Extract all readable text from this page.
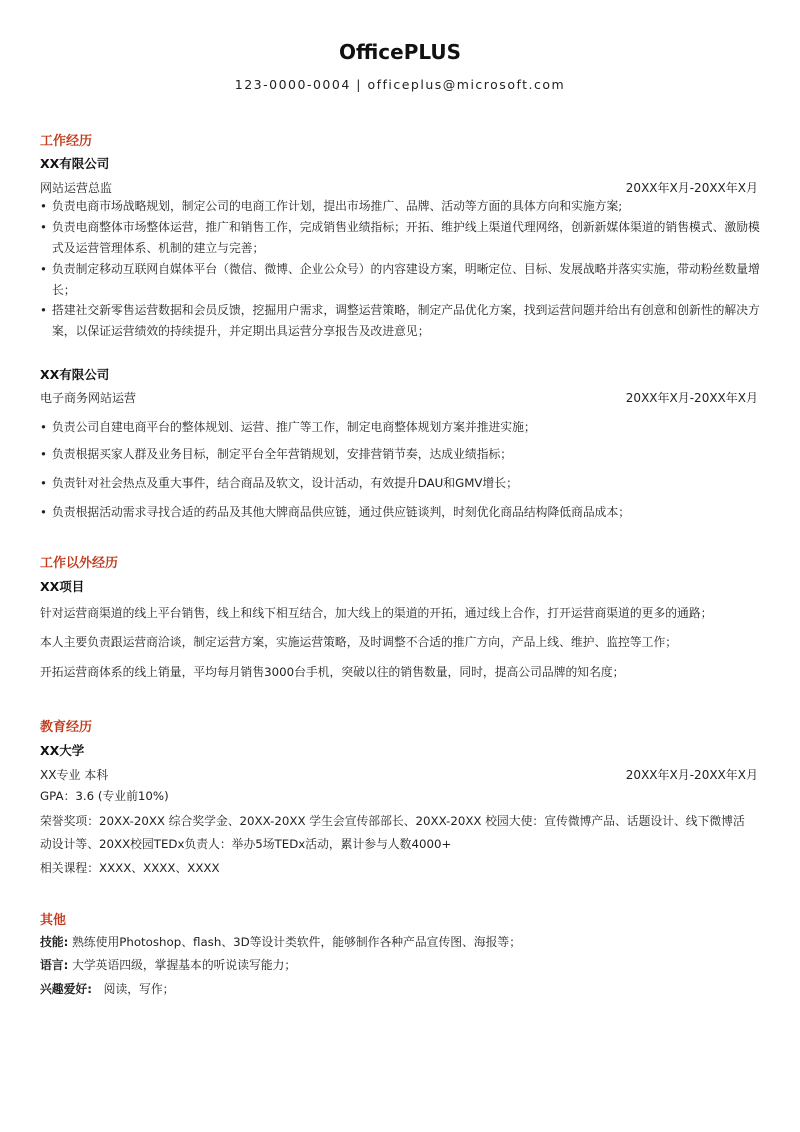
OfficePLUS
123-0000-0004 | officeplus@microsoft.com
工作经历
XX有限公司
网站运营总监	20XX年X月-20XX年X月
• 负责电商市场战略规划，制定公司的电商工作计划，提出市场推广、品牌、活动等方面的具体方向和实施方案;
• 负责电商整体市场整体运营，推广和销售工作，完成销售业绩指标；开拓、维护线上渠道代理网络，创新新媒体渠道的销售模式、激励模式及运营管理体系、机制的建立与完善；
• 负责制定移动互联网自媒体平台（微信、微博、企业公众号）的内容建设方案，明晰定位、目标、发展战略并落实实施，带动粉丝数量增长；
• 搭建社交新零售运营数据和会员反馈，挖掘用户需求，调整运营策略，制定产品优化方案，找到运营问题并给出有创意和创新性的解决方案，以保证运营绩效的持续提升，并定期出具运营分享报告及改进意见；
XX有限公司
电子商务网站运营	20XX年X月-20XX年X月
• 负责公司自建电商平台的整体规划、运营、推广等工作，制定电商整体规划方案并推进实施；
• 负责根据买家人群及业务目标，制定平台全年营销规划，安排营销节奏，达成业绩指标；
• 负责针对社会热点及重大事件，结合商品及软文，设计活动，有效提升DAU和GMV增长；
• 负责根据活动需求寻找合适的药品及其他大牌商品供应链，通过供应链谈判，时刻优化商品结构降低商品成本；
工作以外经历
XX项目
针对运营商渠道的线上平台销售，线上和线下相互结合，加大线上的渠道的开拓，通过线上合作，打开运营商渠道的更多的通路；
本人主要负责跟运营商洽谈，制定运营方案，实施运营策略，及时调整不合适的推广方向，产品上线、维护、监控等工作；
开拓运营商体系的线上销量，平均每月销售3000台手机，突破以往的销售数量，同时，提高公司品牌的知名度；
教育经历
XX大学
XX专业 本科	20XX年X月-20XX年X月
GPA：3.6 (专业前10%)
荣誉奖项：20XX-20XX 综合奖学金、20XX-20XX 学生会宣传部部长、20XX-20XX 校园大使：宣传微博产品、话题设计、线下微博活
动设计等、20XX校园TEDx负责人：举办5场TEDx活动，累计参与人数4000+
相关课程：XXXX、XXXX、XXXX
其他
技能: 熟练使用Photoshop、flash、3D等设计类软件，能够制作各种产品宣传图、海报等；
语言: 大学英语四级，掌握基本的听说读写能力；
兴趣爱好: 阅读，写作；
